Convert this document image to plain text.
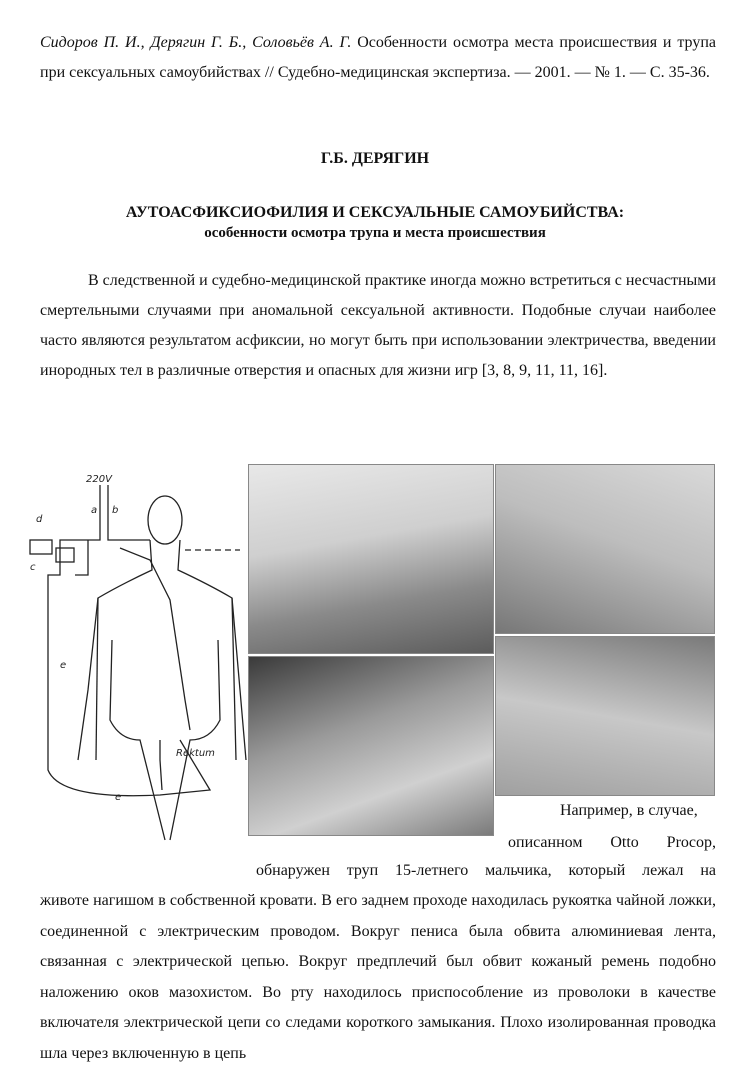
Сидоров П. И., Дерягин Г. Б., Соловьёв А. Г. Особенности осмотра места происшествия и трупа при сексуальных самоубийствах // Судебно-медицинская экспертиза. — 2001. — № 1. — С. 35-36.
Г.Б. ДЕРЯГИН
АУТОАСФИКСИОФИЛИЯ И СЕКСУАЛЬНЫЕ САМОУБИЙСТВА:
особенности осмотра трупа и места происшествия
В следственной и судебно-медицинской практике иногда можно встретиться с несчастными смертельными случаями при аномальной сексуальной активности. Подобные случаи наиболее часто являются результатом асфиксии, но могут быть при использовании электричества, введении инородных тел в различные отверстия и опасных для жизни игр [3, 8, 9, 11, 11, 16].
220V
a b
c
d
e
e
Rektum
Например, в случае,
описанном Otto Procop,
обнаружен труп 15-летнего мальчика, который лежал на
животе нагишом в собственной кровати. В его заднем проходе находилась рукоятка чайной ложки, соединенной с электрическим проводом. Вокруг пениса была обвита алюминиевая лента, связанная с электрической цепью. Вокруг предплечий был обвит кожаный ремень подобно наложению оков мазохистом. Во рту находилось приспособление из проволоки в качестве включателя электрической цепи со следами короткого замыкания. Плохо изолированная проводка шла через включенную в цепь
